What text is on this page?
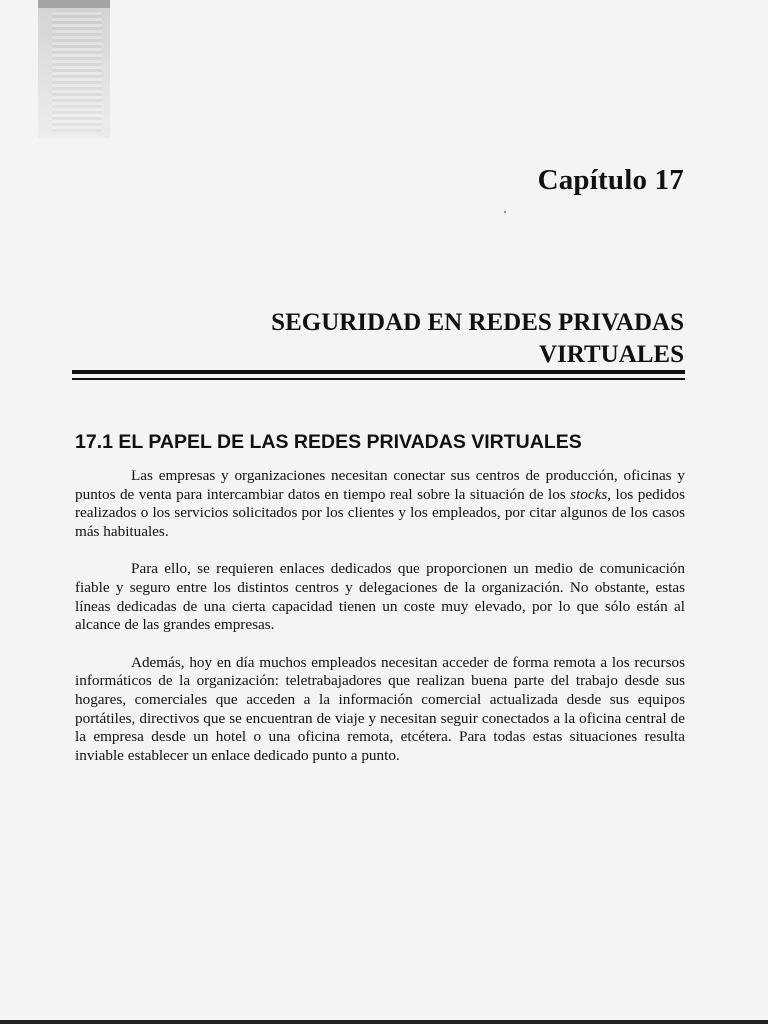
Capítulo 17
SEGURIDAD EN REDES PRIVADAS
VIRTUALES
17.1 EL PAPEL DE LAS REDES PRIVADAS VIRTUALES

Las empresas y organizaciones necesitan conectar sus centros de producción, oficinas y puntos de venta para intercambiar datos en tiempo real sobre la situación de los stocks, los pedidos realizados o los servicios solicitados por los clientes y los empleados, por citar algunos de los casos más habituales.

Para ello, se requieren enlaces dedicados que proporcionen un medio de comunicación fiable y seguro entre los distintos centros y delegaciones de la organización. No obstante, estas líneas dedicadas de una cierta capacidad tienen un coste muy elevado, por lo que sólo están al alcance de las grandes empresas.

Además, hoy en día muchos empleados necesitan acceder de forma remota a los recursos informáticos de la organización: teletrabajadores que realizan buena parte del trabajo desde sus hogares, comerciales que acceden a la información comercial actualizada desde sus equipos portátiles, directivos que se encuentran de viaje y necesitan seguir conectados a la oficina central de la empresa desde un hotel o una oficina remota, etcétera. Para todas estas situaciones resulta inviable establecer un enlace dedicado punto a punto.
